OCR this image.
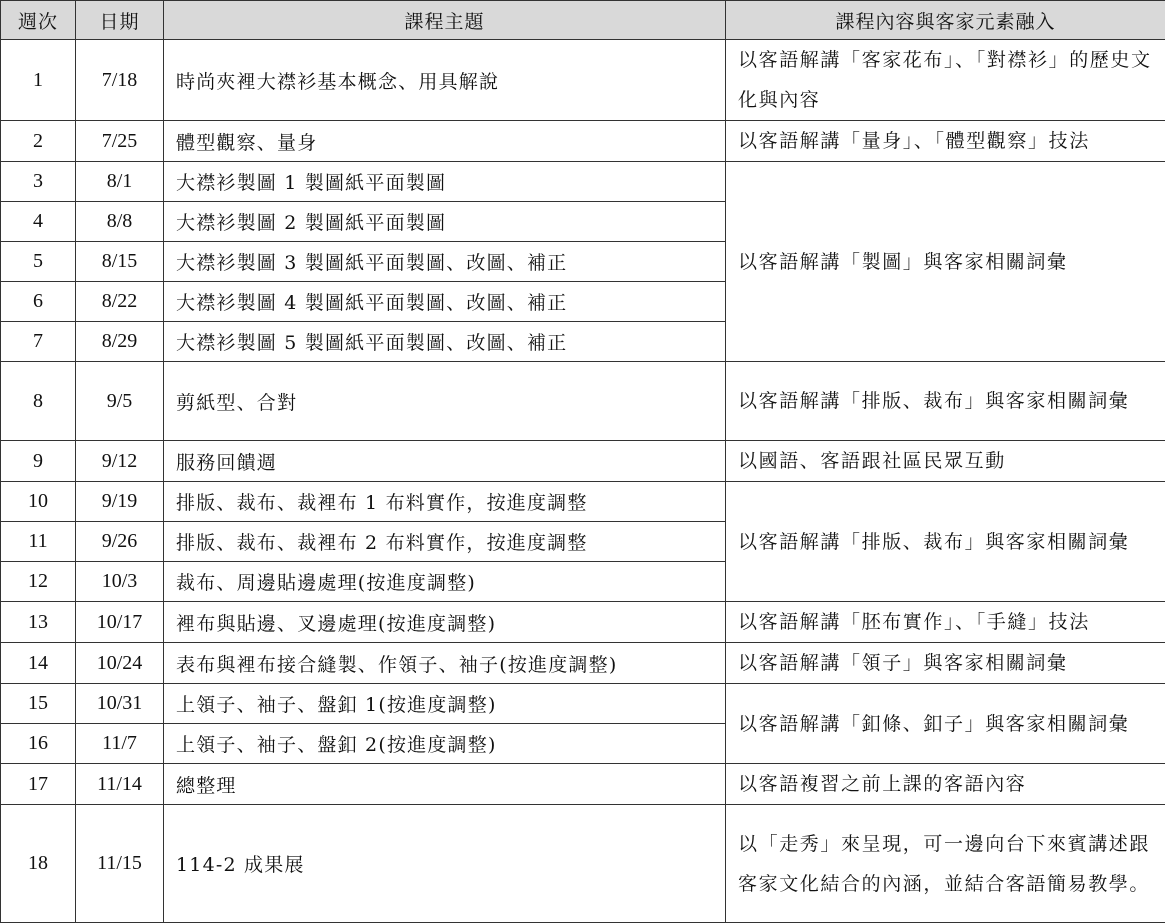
週次	日期	課程主題	課程內容與客家元素融入
1	7/18	時尚夾裡大襟衫基本概念、用具解說	以客語解講「客家花布」、「對襟衫」的歷史文化與內容
2	7/25	體型觀察、量身	以客語解講「量身」、「體型觀察」技法
3	8/1	大襟衫製圖 1 製圖紙平面製圖	以客語解講「製圖」與客家相關詞彙
4	8/8	大襟衫製圖 2 製圖紙平面製圖	
5	8/15	大襟衫製圖 3 製圖紙平面製圖、改圖、補正	
6	8/22	大襟衫製圖 4 製圖紙平面製圖、改圖、補正	
7	8/29	大襟衫製圖 5 製圖紙平面製圖、改圖、補正	
8	9/5	剪紙型、合對	以客語解講「排版、裁布」與客家相關詞彙
9	9/12	服務回饋週	以國語、客語跟社區民眾互動
10	9/19	排版、裁布、裁裡布 1 布料實作，按進度調整	以客語解講「排版、裁布」與客家相關詞彙
11	9/26	排版、裁布、裁裡布 2 布料實作，按進度調整	
12	10/3	裁布、周邊貼邊處理(按進度調整)	
13	10/17	裡布與貼邊、叉邊處理(按進度調整)	以客語解講「胚布實作」、「手縫」技法
14	10/24	表布與裡布接合縫製、作領子、袖子(按進度調整)	以客語解講「領子」與客家相關詞彙
15	10/31	上領子、袖子、盤釦 1(按進度調整)	以客語解講「釦條、釦子」與客家相關詞彙
16	11/7	上領子、袖子、盤釦 2(按進度調整)	
17	11/14	總整理	以客語複習之前上課的客語內容
18	11/15	114-2 成果展	以「走秀」來呈現，可一邊向台下來賓講述跟客家文化結合的內涵，並結合客語簡易教學。
